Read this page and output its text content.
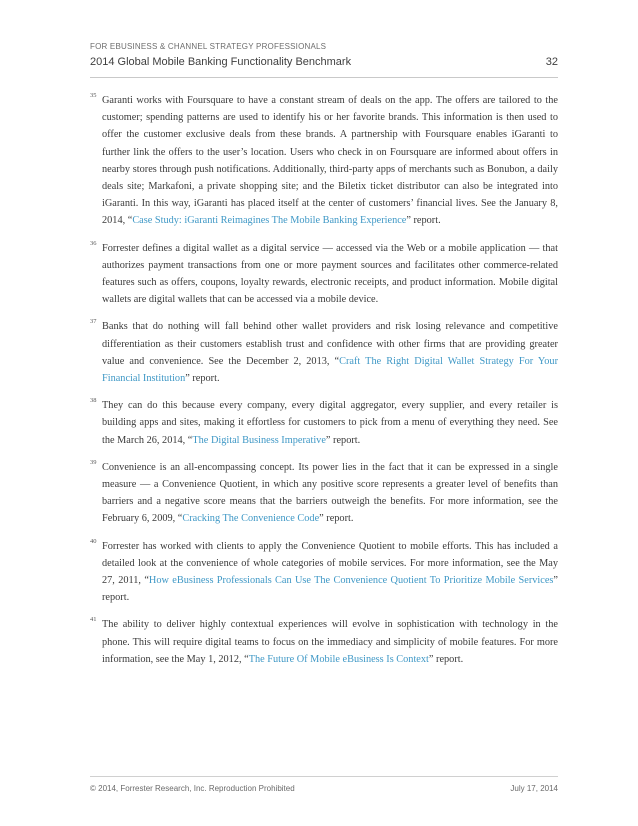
FOR EBUSINESS & CHANNEL STRATEGY PROFESSIONALS
2014 Global Mobile Banking Functionality Benchmark	32

35 Garanti works with Foursquare to have a constant stream of deals on the app. The offers are tailored to the customer; spending patterns are used to identify his or her favorite brands. This information is then used to offer the customer exclusive deals from these brands. A partnership with Foursquare enables iGaranti to further link the offers to the user’s location. Users who check in on Foursquare are informed about offers in nearby stores through push notifications. Additionally, third-party apps of merchants such as Bonubon, a daily deals site; Markafoni, a private shopping site; and the Biletix ticket distributor can also be integrated into iGaranti. In this way, iGaranti has placed itself at the center of customers’ financial lives. See the January 8, 2014, “Case Study: iGaranti Reimagines The Mobile Banking Experience” report.

36 Forrester defines a digital wallet as a digital service — accessed via the Web or a mobile application — that authorizes payment transactions from one or more payment sources and facilitates other commerce-related features such as offers, coupons, loyalty rewards, electronic receipts, and product information. Mobile digital wallets are digital wallets that can be accessed via a mobile device.

37 Banks that do nothing will fall behind other wallet providers and risk losing relevance and competitive differentiation as their customers establish trust and confidence with other firms that are providing greater value and convenience. See the December 2, 2013, “Craft The Right Digital Wallet Strategy For Your Financial Institution” report.

38 They can do this because every company, every digital aggregator, every supplier, and every retailer is building apps and sites, making it effortless for customers to pick from a menu of everything they need. See the March 26, 2014, “The Digital Business Imperative” report.

39 Convenience is an all-encompassing concept. Its power lies in the fact that it can be expressed in a single measure — a Convenience Quotient, in which any positive score represents a greater level of benefits than barriers and a negative score means that the barriers outweigh the benefits. For more information, see the February 6, 2009, “Cracking The Convenience Code” report.

40 Forrester has worked with clients to apply the Convenience Quotient to mobile efforts. This has included a detailed look at the convenience of whole categories of mobile services. For more information, see the May 27, 2011, “How eBusiness Professionals Can Use The Convenience Quotient To Prioritize Mobile Services” report.

41 The ability to deliver highly contextual experiences will evolve in sophistication with technology in the phone. This will require digital teams to focus on the immediacy and simplicity of mobile features. For more information, see the May 1, 2012, “The Future Of Mobile eBusiness Is Context” report.

© 2014, Forrester Research, Inc. Reproduction Prohibited	July 17, 2014
